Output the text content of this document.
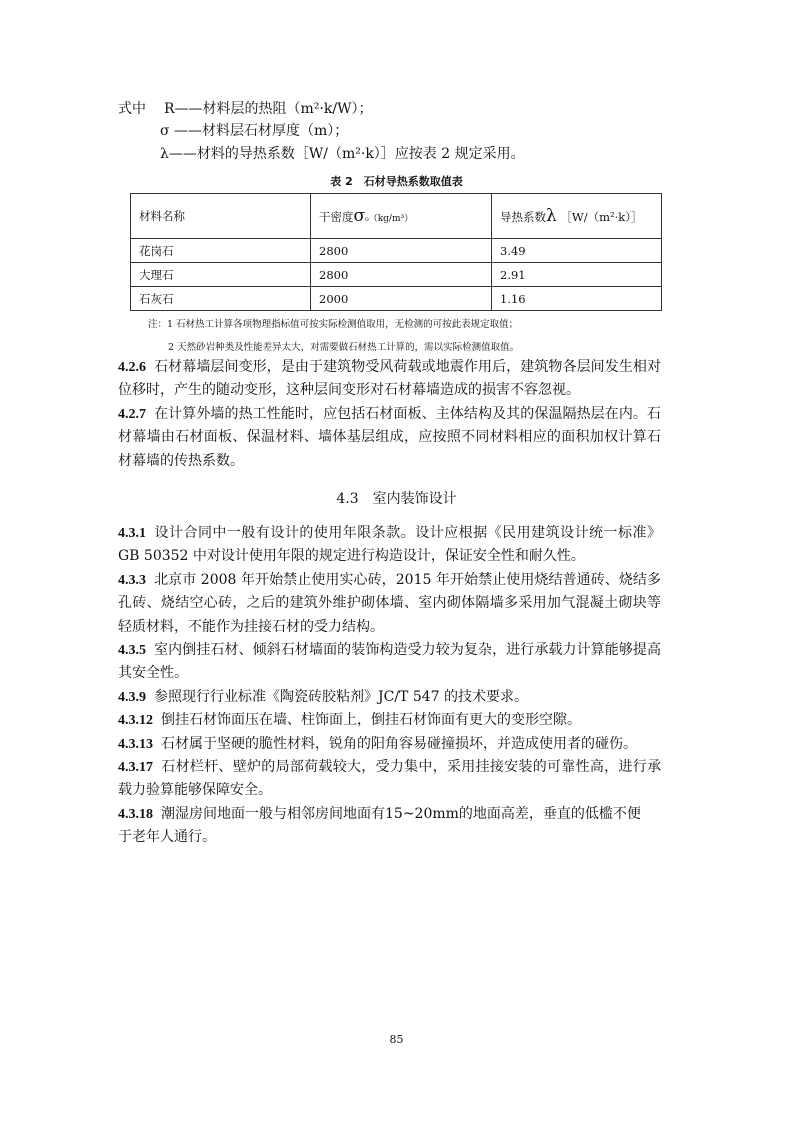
式中 R——材料层的热阻（m²·k/W）；
σ ——材料层石材厚度（m）；
λ——材料的导热系数［W/（m²·k）］应按表 2 规定采用。
表 2　石材导热系数取值表
材料名称	干密度σ₀（kg/m³）	导热系数λ ［W/（m²·k）］
花岗石	2800	3.49
大理石	2800	2.91
石灰石	2000	1.16
注：1 石材热工计算各项物理指标值可按实际检测值取用，无检测的可按此表规定取值；
2 天然砂岩种类及性能差异太大，对需要做石材热工计算的，需以实际检测值取值。
4.2.6 石材幕墙层间变形，是由于建筑物受风荷载或地震作用后，建筑物各层间发生相对位移时，产生的随动变形，这种层间变形对石材幕墙造成的损害不容忽视。
4.2.7 在计算外墙的热工性能时，应包括石材面板、主体结构及其的保温隔热层在内。石材幕墙由石材面板、保温材料、墙体基层组成，应按照不同材料相应的面积加权计算石材幕墙的传热系数。
4.3　室内装饰设计
4.3.1 设计合同中一般有设计的使用年限条款。设计应根据《民用建筑设计统一标准》GB 50352 中对设计使用年限的规定进行构造设计，保证安全性和耐久性。
4.3.3 北京市 2008 年开始禁止使用实心砖，2015 年开始禁止使用烧结普通砖、烧结多孔砖、烧结空心砖，之后的建筑外维护砌体墙、室内砌体隔墙多采用加气混凝土砌块等轻质材料，不能作为挂接石材的受力结构。
4.3.5 室内倒挂石材、倾斜石材墙面的装饰构造受力较为复杂，进行承载力计算能够提高其安全性。
4.3.9 参照现行行业标准《陶瓷砖胶粘剂》JC/T 547 的技术要求。
4.3.12 倒挂石材饰面压在墙、柱饰面上，倒挂石材饰面有更大的变形空隙。
4.3.13 石材属于坚硬的脆性材料，锐角的阳角容易碰撞损坏，并造成使用者的碰伤。
4.3.17 石材栏杆、壁炉的局部荷载较大，受力集中，采用挂接安装的可靠性高，进行承载力验算能够保障安全。
4.3.18 潮湿房间地面一般与相邻房间地面有15~20mm的地面高差，垂直的低槛不便于老年人通行。
85
